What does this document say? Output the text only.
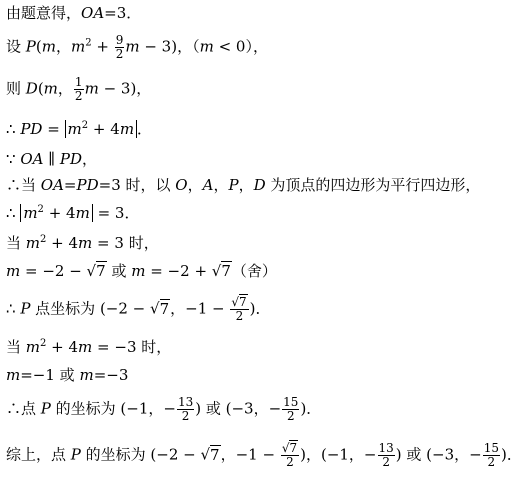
由题意得，OA=3．
设 P(m，$m^2 + \frac{9}{2}$ m − 3)，（m < 0），
则 D(m， $\frac{1}{2}$ m − 3)，
∴ PD = $m^2 + 4m$ ．
∵ OA ∥ PD，
∴当 OA=PD=3 时，以 O，A，P，D 为顶点的四边形为平行四边形，
∴ $m^2 + 4m = 3$．
当 $m^2 + 4m = 3$ 时，
m = −2 − √7 或 m = −2 + √7（舍）
∴ P 点坐标为 (−2 − √7，$-1 - \frac{√7}{2}$ )．
当 $m^2 + 4m = -3$ 时，
m=−1 或 m=−3
∴点 P 的坐标为 (−1，− $\frac{13}{2}$ ) 或 (−3，− $\frac{15}{2}$ )．
综上，点 P 的坐标为 (−2 − √7，$-1 - \frac{√7}{2}$ )，(−1，− $\frac{13}{2}$ ) 或 (−3，− $\frac{15}{2}$ )．
